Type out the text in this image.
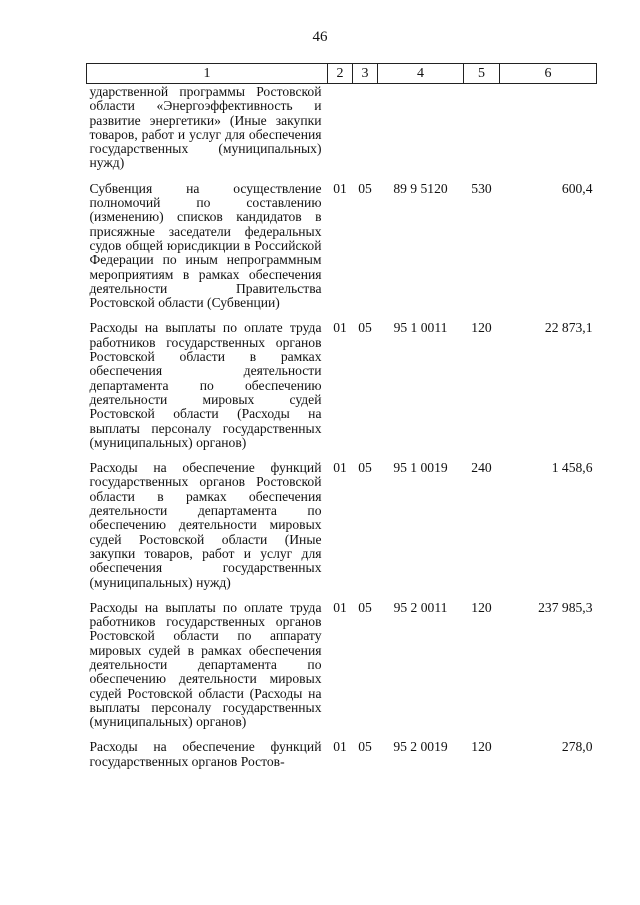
46
1	2	3	4	5	6
ударственной программы Ростовской области «Энергоэффективность и развитие энергетики» (Иные закупки товаров, работ и услуг для обеспечения государственных (муниципальных) нужд)					
Субвенция на осуществление полномочий по составлению (изменению) списков кандидатов в присяжные заседатели федеральных судов общей юрисдикции в Российской Федерации по иным непрограммным мероприятиям в рамках обеспечения деятельности Правительства Ростовской области (Субвенции)	01	05	89 9 5120	530	600,4
Расходы на выплаты по оплате труда работников государственных органов Ростовской области в рамках обеспечения деятельности департамента по обеспечению деятельности мировых судей Ростовской области (Расходы на выплаты персоналу государственных (муниципальных) органов)	01	05	95 1 0011	120	22 873,1
Расходы на обеспечение функций государственных органов Ростовской области в рамках обеспечения деятельности департамента по обеспечению деятельности мировых судей Ростовской области (Иные закупки товаров, работ и услуг для обеспечения государственных (муниципальных) нужд)	01	05	95 1 0019	240	1 458,6
Расходы на выплаты по оплате труда работников государственных органов Ростовской области по аппарату мировых судей в рамках обеспечения деятельности департамента по обеспечению деятельности мировых судей Ростовской области (Расходы на выплаты персоналу государственных (муниципальных) органов)	01	05	95 2 0011	120	237 985,3
Расходы на обеспечение функций государственных органов Ростов-	01	05	95 2 0019	120	278,0
